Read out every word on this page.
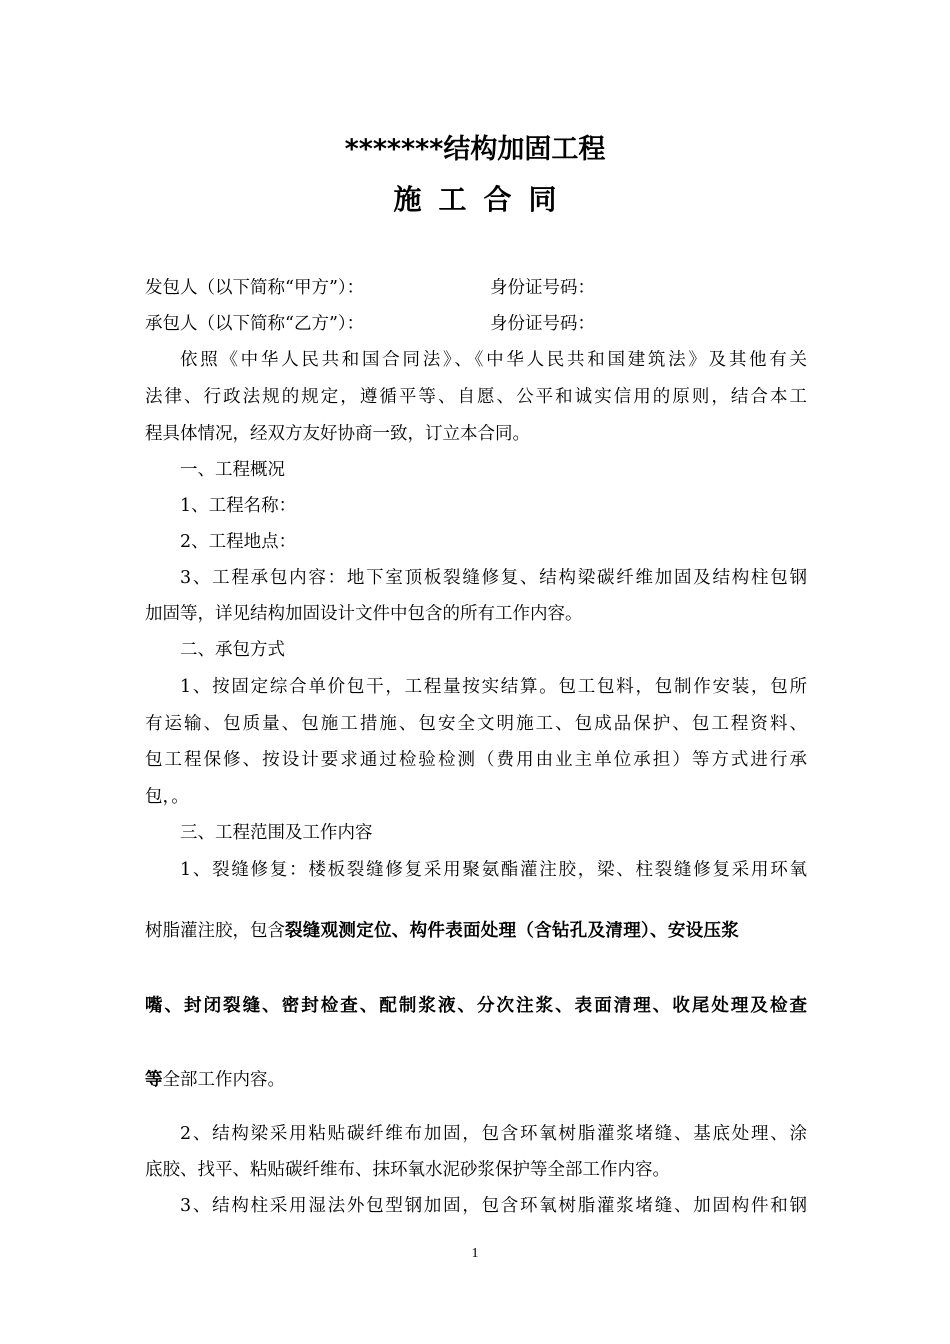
*******结构加固工程
施工合同
发包人（以下简称“甲方”）：	身份证号码：
承包人（以下简称“乙方”）：	身份证号码：
依照《中华人民共和国合同法》、《中华人民共和国建筑法》及其他有关
法律、行政法规的规定，遵循平等、自愿、公平和诚实信用的原则，结合本工
程具体情况，经双方友好协商一致，订立本合同。
一、工程概况
1、工程名称：
2、工程地点：
3、工程承包内容：地下室顶板裂缝修复、结构梁碳纤维加固及结构柱包钢
加固等，详见结构加固设计文件中包含的所有工作内容。
二、承包方式
1、按固定综合单价包干，工程量按实结算。包工包料，包制作安装，包所
有运输、包质量、包施工措施、包安全文明施工、包成品保护、包工程资料、
包工程保修、按设计要求通过检验检测（费用由业主单位承担）等方式进行承
包，。
三、工程范围及工作内容
1、裂缝修复：楼板裂缝修复采用聚氨酯灌注胶，梁、柱裂缝修复采用环氧
树脂灌注胶，包含裂缝观测定位、构件表面处理（含钻孔及清理）、安设压浆
嘴、封闭裂缝、密封检查、配制浆液、分次注浆、表面清理、收尾处理及检查
等全部工作内容。
2、结构梁采用粘贴碳纤维布加固，包含环氧树脂灌浆堵缝、基底处理、涂
底胶、找平、粘贴碳纤维布、抹环氧水泥砂浆保护等全部工作内容。
3、结构柱采用湿法外包型钢加固，包含环氧树脂灌浆堵缝、加固构件和钢
1
